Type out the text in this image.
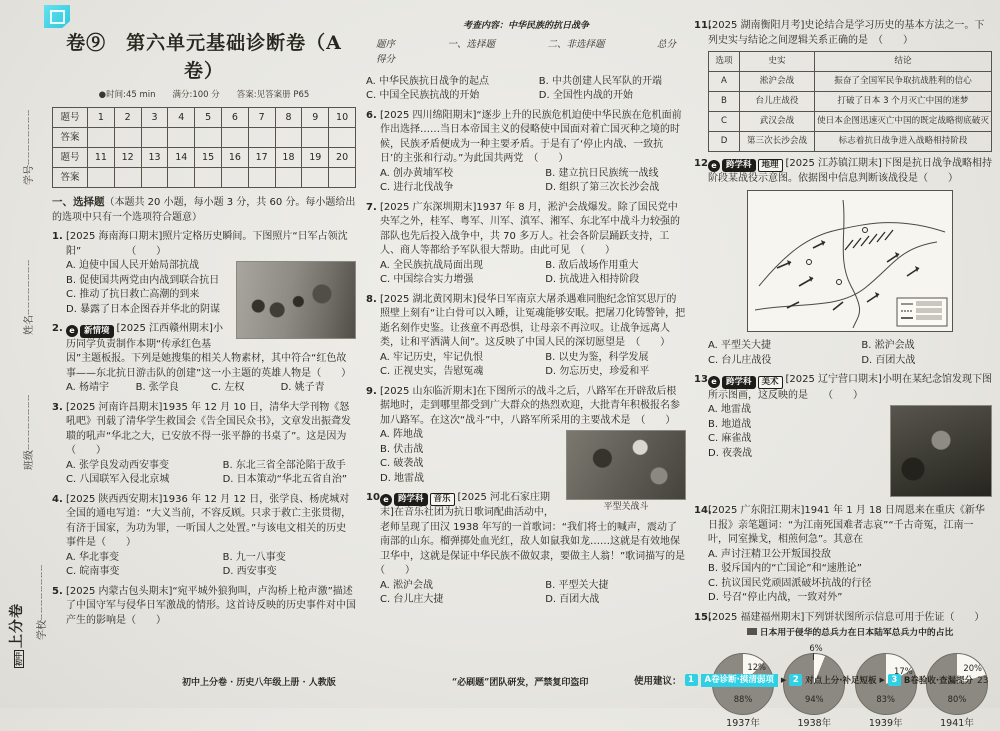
学号┄┄┄┄┄┄┄┄
姓名┄┄┄┄┄┄┄┄
班级┄┄┄┄┄┄┄┄
学校┄┄┄┄┄┄┄┄
初中上分卷
卷⑨　第六单元基础诊断卷（A 卷）
●时间:45 min　　满分:100 分　　答案:见答案册 P65
题号	1	2	3	4	5	6	7	8	9	10
答案										
题号	11	12	13	14	15	16	17	18	19	20
答案										
一、选择题（本题共 20 小题，每小题 3 分，共 60 分。每小题给出的选项中只有一个选项符合题意）
1. [2025 海南海口期末]照片定格历史瞬间。下图照片“日军占领沈阳”　　　　　	（　　）

A. 迫使中国人民开始局部抗战
B. 促使国共两党由内战到联合抗日
C. 推动了抗日救亡高潮的到来
D. 暴露了日本企图吞并华北的阴谋
2. e	新情境 [2025 江西赣州期末]小历同学负责制作本期“传承红色基因”主题板报。下列是她搜集的相关人物素材，其中符合“红色故事——东北抗日游击队的创建”这一小主题的英雄人物是（　　）

A. 杨靖宇	B. 张学良	C. 左权	D. 姚子青
3. [2025 河南许昌期末]1935 年 12 月 10 日，清华大学刊物《怒吼吧》刊载了清华学生救国会《告全国民众书》，文章发出振聋发聩的吼声“华北之大，已安放不得一张平静的书桌了”。这是因为（　　）

A. 张学良发动西安事变	B. 东北三省全部沦陷于敌手
C. 八国联军入侵北京城	D. 日本策动“华北五省自治”
4. [2025 陕西西安期末]1936 年 12 月 12 日，张学良、杨虎城对全国的通电写道：“大义当前，不容反顾。只求于救亡主张贯彻，有济于国家，为功为罪，一听国人之处置。”与该电文相关的历史事件是（　　）

A. 华北事变	B. 九一八事变
C. 皖南事变	D. 西安事变
5. [2025 内蒙古包头期末]“宛平城外狼狗叫，卢沟桥上枪声激”描述了中国守军与侵华日军激战的情形。这首诗反映的历史事件对中国产生的影响是（　　）

考查内容：中华民族的抗日战争
题序	一、选择题	二、非选择题	总分
得分
A. 中华民族抗日战争的起点	B. 中共创建人民军队的开端
C. 中国全民族抗战的开始	D. 全国性内战的开始
6. [2025 四川绵阳期末]“逐步上升的民族危机迫使中华民族在危机面前作出选择……当日本帝国主义的侵略使中国面对着亡国灭种之境的时候，民族矛盾便成为一种主要矛盾。于是有了‘停止内战、一致抗日’的主张和行动。”为此国共两党　 （　　）

A. 创办黄埔军校	B. 建立抗日民族统一战线
C. 进行北伐战争	D. 组织了第三次长沙会战
7. [2025 广东深圳期末]1937 年 8 月，淞沪会战爆发。除了国民党中央军之外，桂军、粤军、川军、滇军、湘军、东北军中战斗力较强的部队也先后投入战争中，共 70 多万人。社会各阶层踊跃支持，工人、商人等都给予军队很大帮助。由此可见　 （　　）

A. 全民族抗战局面出现	B. 敌后战场作用重大
C. 中国综合实力增强	D. 抗战进入相持阶段
8. [2025 湖北黄冈期末]侵华日军南京大屠杀遇难同胞纪念馆冥思厅的照壁上刻有“让白骨可以入睡，让冤魂能够安眠。把屠刀化铸警钟，把逝名刻作史鉴。让孩童不再恐惧，让母亲不再泣叹。让战争远离人类，让和平洒满人间”。这反映了中国人民的深切愿望是　 （　　）

A. 牢记历史，牢记仇恨	B. 以史为鉴，科学发展
C. 正视史实，告慰冤魂	D. 勿忘历史，珍爱和平
9. [2025 山东临沂期末]在下图所示的战斗之后，八路军在开辟敌后根据地时，走到哪里都受到广大群众的热烈欢迎，大批青年积极报名参加八路军。在这次“战斗”中，八路军所采用的主要战术是　 （　　）

平型关战斗
A. 阵地战
B. 伏击战
C. 破袭战
D. 地雷战
10. e	跨学科	音乐 [2025 河北石家庄期末]在音乐社团为抗日歌词配曲活动中，老师呈现了田汉 1938 年写的一首歌词：“我们将士的喊声，震动了南部的山东。榴弹掷处血光红，敌人如鼠我如龙……这就是有效地保卫华中，这就是保证中华民族不做奴隶，要做主人翁！”歌词描写的是　（　　）

A. 淞沪会战	B. 平型关大捷
C. 台儿庄大捷	D. 百团大战
11.

[2025 湖南衡阳月考]史论结合是学习历史的基本方法之一。下列史实与结论之间逻辑关系正确的是　 （　　）

选项	史实	结论
A	淞沪会战	振奋了全国军民争取抗战胜利的信心
B	台儿庄战役	打破了日本 3 个月灭亡中国的迷梦
C	武汉会战	使日本企图迅速灭亡中国的既定战略彻底破灭
D	第三次长沙会战	标志着抗日战争进入战略相持阶段
12. e	跨学科	地理 [2025 江苏镇江期末]下图是抗日战争战略相持阶段某战役示意图。依据图中信息判断该战役是（　　）

A. 平型关大捷	B. 淞沪会战
C. 台儿庄战役	D. 百团大战
13. e	跨学科	美术 [2025 辽宁营口期末]小明在某纪念馆发现下图所示图画，这反映的是　　 （　　）

A. 地雷战
B. 地道战
C. 麻雀战
D. 夜袭战
14.

[2025 广东阳江期末]1941 年 1 月 18 日周恩来在重庆《新华日报》亲笔题词：“为江南死国难者志哀”“千古奇冤，江南一叶，同室操戈，相煎何急”。其意在

A. 声讨汪精卫公开叛国投敌
B. 驳斥国内的“亡国论”和“速胜论”
C. 抗议国民党顽固派破坏抗战的行径
D. 号召“停止内战，一致对外”
15.

[2025 福建福州期末]下列饼状图所示信息可用于佐证（　　）

日本用于侵华的总兵力在日本陆军总兵力中的占比
12%
88%
1937年
6%
94%
1938年
17%
83%
1939年
20%
80%
1941年
初中上分卷 · 历史八年级上册 · 人教版	“必刷题”团队研发，严禁复印盗印	使用建议： 1	A卷诊断·摸清弱项	▶ 2 对点上分·补足短板 ▶ 3 B卷验收·查漏提分 23
